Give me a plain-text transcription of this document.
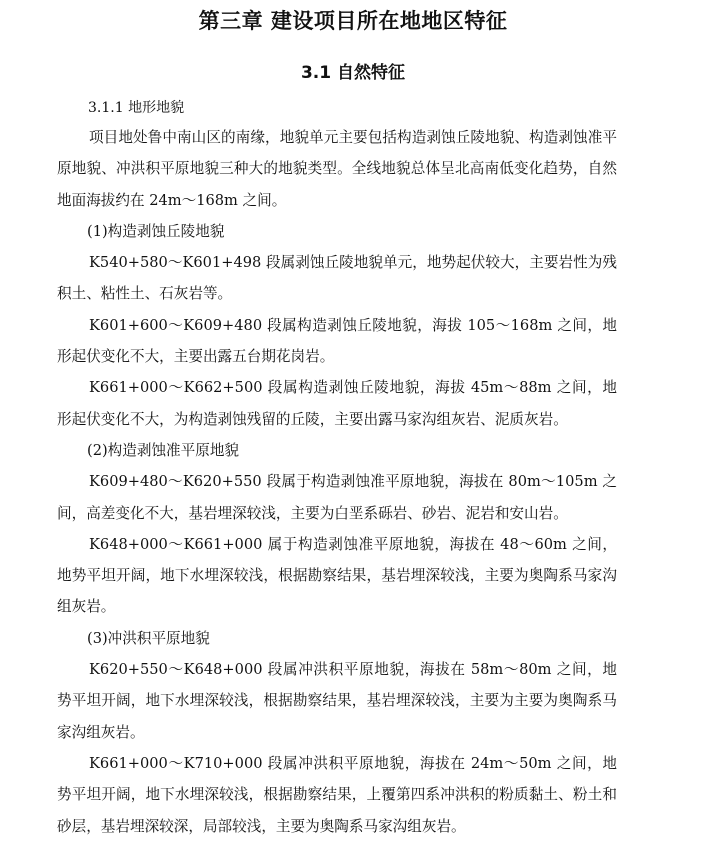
第三章 建设项目所在地地区特征
3.1 自然特征
3.1.1 地形地貌

项目地处鲁中南山区的南缘，地貌单元主要包括构造剥蚀丘陵地貌、构造剥蚀准平原地貌、冲洪积平原地貌三种大的地貌类型。全线地貌总体呈北高南低变化趋势，自然地面海拔约在 24m～168m 之间。

(1)构造剥蚀丘陵地貌

K540+580～K601+498 段属剥蚀丘陵地貌单元，地势起伏较大，主要岩性为残积土、粘性土、石灰岩等。

K601+600～K609+480 段属构造剥蚀丘陵地貌，海拔 105～168m 之间，地形起伏变化不大，主要出露五台期花岗岩。

K661+000～K662+500 段属构造剥蚀丘陵地貌，海拔 45m～88m 之间，地形起伏变化不大，为构造剥蚀残留的丘陵，主要出露马家沟组灰岩、泥质灰岩。

(2)构造剥蚀准平原地貌

K609+480～K620+550 段属于构造剥蚀准平原地貌，海拔在 80m～105m 之间，高差变化不大，基岩埋深较浅，主要为白垩系砾岩、砂岩、泥岩和安山岩。

K648+000～K661+000 属于构造剥蚀准平原地貌，海拔在 48～60m 之间，地势平坦开阔，地下水埋深较浅，根据勘察结果，基岩埋深较浅，主要为奥陶系马家沟组灰岩。

(3)冲洪积平原地貌

K620+550～K648+000 段属冲洪积平原地貌，海拔在 58m～80m 之间，地势平坦开阔，地下水埋深较浅，根据勘察结果，基岩埋深较浅，主要为主要为奥陶系马家沟组灰岩。

K661+000～K710+000 段属冲洪积平原地貌，海拔在 24m～50m 之间，地势平坦开阔，地下水埋深较浅，根据勘察结果，上覆第四系冲洪积的粉质黏土、粉土和砂层，基岩埋深较深，局部较浅，主要为奥陶系马家沟组灰岩。
